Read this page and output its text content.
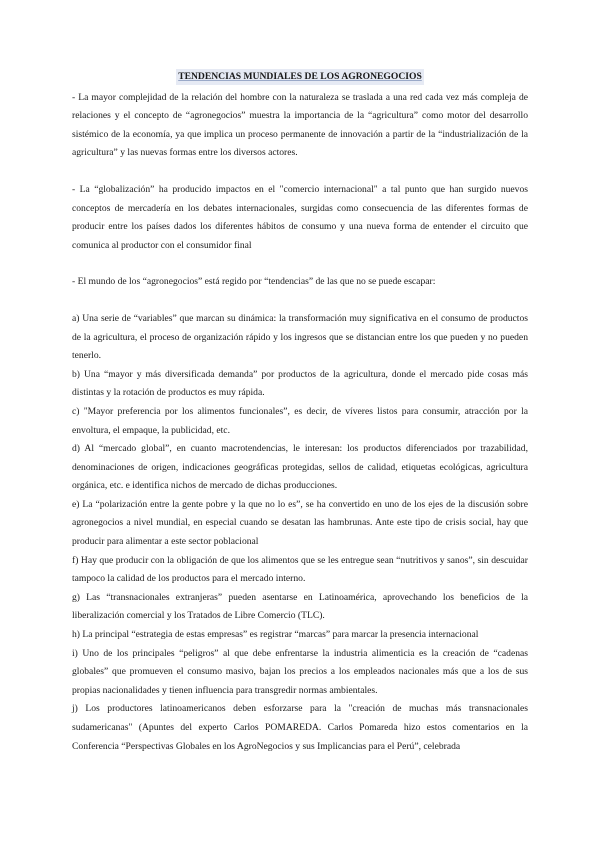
TENDENCIAS MUNDIALES DE LOS AGRONEGOCIOS

- La mayor complejidad de la relación del hombre con la naturaleza se traslada a una red cada vez más compleja de relaciones y el concepto de “agronegocios” muestra la importancia de la “agricultura” como motor del desarrollo sistémico de la economía, ya que implica un proceso permanente de innovación a partir de la “industrialización de la agricultura” y las nuevas formas entre los diversos actores.

- La “globalización” ha producido impactos en el "comercio internacional" a tal punto que han surgido nuevos conceptos de mercadería en los debates internacionales, surgidas como consecuencia de las diferentes formas de producir entre los países dados los diferentes hábitos de consumo y una nueva forma de entender el circuito que comunica al productor con el consumidor final

- El mundo de los “agronegocios” está regido por “tendencias” de las que no se puede escapar:

a) Una serie de “variables” que marcan su dinámica: la transformación muy significativa en el consumo de productos de la agricultura, el proceso de organización rápido y los ingresos que se distancian entre los que pueden y no pueden tenerlo.

b) Una “mayor y más diversificada demanda” por productos de la agricultura, donde el mercado pide cosas más distintas y la rotación de productos es muy rápida.

c) "Mayor preferencia por los alimentos funcionales”, es decir, de víveres listos para consumir, atracción por la envoltura, el empaque, la publicidad, etc.

d) Al “mercado global”, en cuanto macrotendencias, le interesan: los productos diferenciados por trazabilidad, denominaciones de origen, indicaciones geográficas protegidas, sellos de calidad, etiquetas ecológicas, agricultura orgánica, etc. e identifica nichos de mercado de dichas producciones.

e) La “polarización entre la gente pobre y la que no lo es”, se ha convertido en uno de los ejes de la discusión sobre agronegocios a nivel mundial, en especial cuando se desatan las hambrunas. Ante este tipo de crisis social, hay que producir para alimentar a este sector poblacional

f) Hay que producir con la obligación de que los alimentos que se les entregue sean “nutritivos y sanos”, sin descuidar tampoco la calidad de los productos para el mercado interno.

g) Las “transnacionales extranjeras” pueden asentarse en Latinoamérica, aprovechando los beneficios de la liberalización comercial y los Tratados de Libre Comercio (TLC).

h) La principal “estrategia de estas empresas” es registrar “marcas” para marcar la presencia internacional

i) Uno de los principales “peligros” al que debe enfrentarse la industria alimenticia es la creación de “cadenas globales” que promueven el consumo masivo, bajan los precios a los empleados nacionales más que a los de sus propias nacionalidades y tienen influencia para transgredir normas ambientales.

j) Los productores latinoamericanos deben esforzarse para la "creación de muchas más transnacionales sudamericanas" (Apuntes del experto Carlos POMAREDA. Carlos Pomareda hizo estos comentarios en la Conferencia “Perspectivas Globales en los AgroNegocios y sus Implicancias para el Perú”, celebrada
